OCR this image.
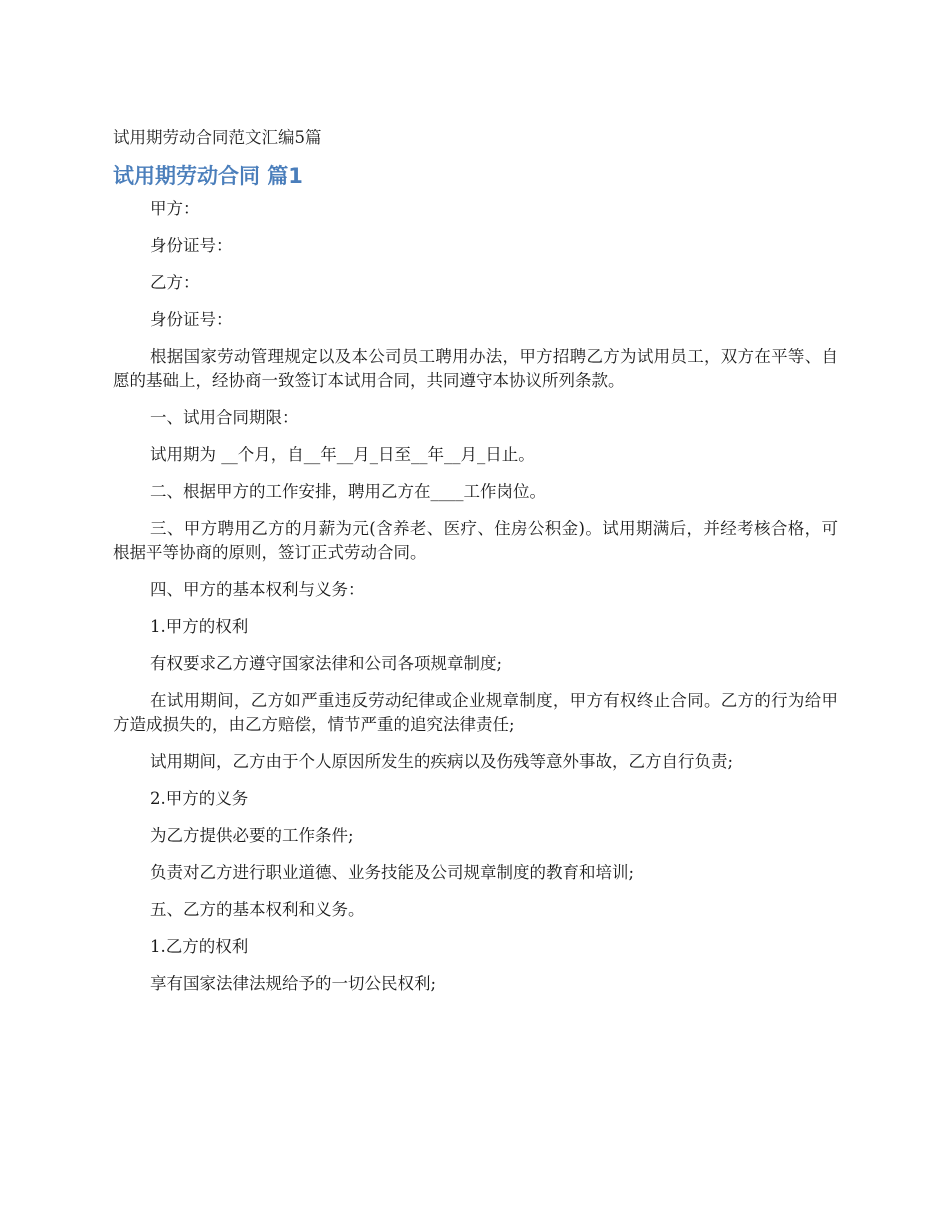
试用期劳动合同范文汇编5篇
试用期劳动合同 篇1

甲方：

身份证号：

乙方：

身份证号：

根据国家劳动管理规定以及本公司员工聘用办法，甲方招聘乙方为试用员工，双方在平等、自愿的基础上，经协商一致签订本试用合同，共同遵守本协议所列条款。

一、试用合同期限：

试用期为 __个月，自__年__月_日至__年__月_日止。

二、根据甲方的工作安排，聘用乙方在____工作岗位。

三、甲方聘用乙方的月薪为元(含养老、医疗、住房公积金)。试用期满后，并经考核合格，可根据平等协商的原则，签订正式劳动合同。

四、甲方的基本权利与义务：

1.甲方的权利

有权要求乙方遵守国家法律和公司各项规章制度;

在试用期间，乙方如严重违反劳动纪律或企业规章制度，甲方有权终止合同。乙方的行为给甲方造成损失的，由乙方赔偿，情节严重的追究法律责任;

试用期间，乙方由于个人原因所发生的疾病以及伤残等意外事故，乙方自行负责;

2.甲方的义务

为乙方提供必要的工作条件;

负责对乙方进行职业道德、业务技能及公司规章制度的教育和培训;

五、乙方的基本权利和义务。

1.乙方的权利

享有国家法律法规给予的一切公民权利;
